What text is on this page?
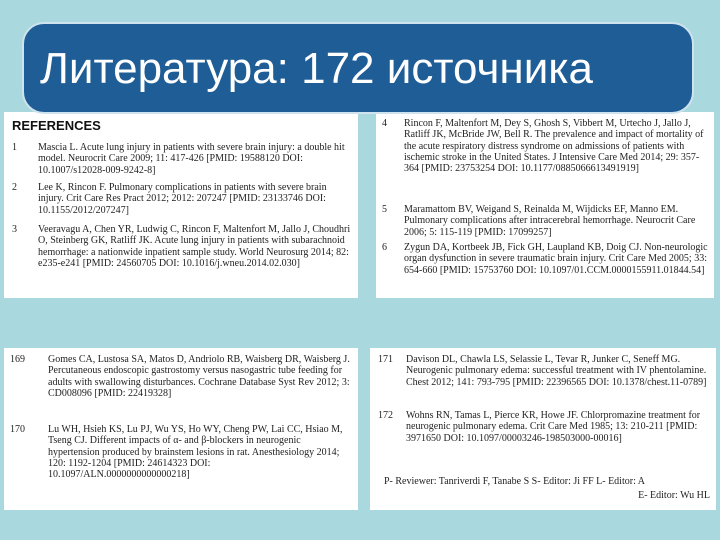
Литература: 172 источника
REFERENCES
1 Mascia L. Acute lung injury in patients with severe brain injury: a double hit model. Neurocrit Care 2009; 11: 417-426 [PMID: 19588120 DOI: 10.1007/s12028-009-9242-8]
2 Lee K, Rincon F. Pulmonary complications in patients with severe brain injury. Crit Care Res Pract 2012; 2012: 207247 [PMID: 23133746 DOI: 10.1155/2012/207247]
3 Veeravagu A, Chen YR, Ludwig C, Rincon F, Maltenfort M, Jallo J, Choudhri O, Steinberg GK, Ratliff JK. Acute lung injury in patients with subarachnoid hemorrhage: a nationwide inpatient sample study. World Neurosurg 2014; 82: e235-e241 [PMID: 24560705 DOI: 10.1016/j.wneu.2014.02.030]
4 Rincon F, Maltenfort M, Dey S, Ghosh S, Vibbert M, Urtecho J, Jallo J, Ratliff JK, McBride JW, Bell R. The prevalence and impact of mortality of the acute respiratory distress syndrome on admissions of patients with ischemic stroke in the United States. J Intensive Care Med 2014; 29: 357-364 [PMID: 23753254 DOI: 10.1177/0885066613491919]
5 Maramattom BV, Weigand S, Reinalda M, Wijdicks EF, Manno EM. Pulmonary complications after intracerebral hemorrhage. Neurocrit Care 2006; 5: 115-119 [PMID: 17099257]
6 Zygun DA, Kortbeek JB, Fick GH, Laupland KB, Doig CJ. Non-neurologic organ dysfunction in severe traumatic brain injury. Crit Care Med 2005; 33: 654-660 [PMID: 15753760 DOI: 10.1097/01.CCM.0000155911.01844.54]
169 Gomes CA, Lustosa SA, Matos D, Andriolo RB, Waisberg DR, Waisberg J. Percutaneous endoscopic gastrostomy versus nasogastric tube feeding for adults with swallowing disturbances. Cochrane Database Syst Rev 2012; 3: CD008096 [PMID: 22419328]
170 Lu WH, Hsieh KS, Lu PJ, Wu YS, Ho WY, Cheng PW, Lai CC, Hsiao M, Tseng CJ. Different impacts of α- and β-blockers in neurogenic hypertension produced by brainstem lesions in rat. Anesthesiology 2014; 120: 1192-1204 [PMID: 24614323 DOI: 10.1097/ALN.0000000000000218]
171 Davison DL, Chawla LS, Selassie L, Tevar R, Junker C, Seneff MG. Neurogenic pulmonary edema: successful treatment with IV phentolamine. Chest 2012; 141: 793-795 [PMID: 22396565 DOI: 10.1378/chest.11-0789]
172 Wohns RN, Tamas L, Pierce KR, Howe JF. Chlorpromazine treatment for neurogenic pulmonary edema. Crit Care Med 1985; 13: 210-211 [PMID: 3971650 DOI: 10.1097/00003246-198503000-00016]
P- Reviewer: Tanriverdi F, Tanabe S S- Editor: Ji FF L- Editor: A
E- Editor: Wu HL
